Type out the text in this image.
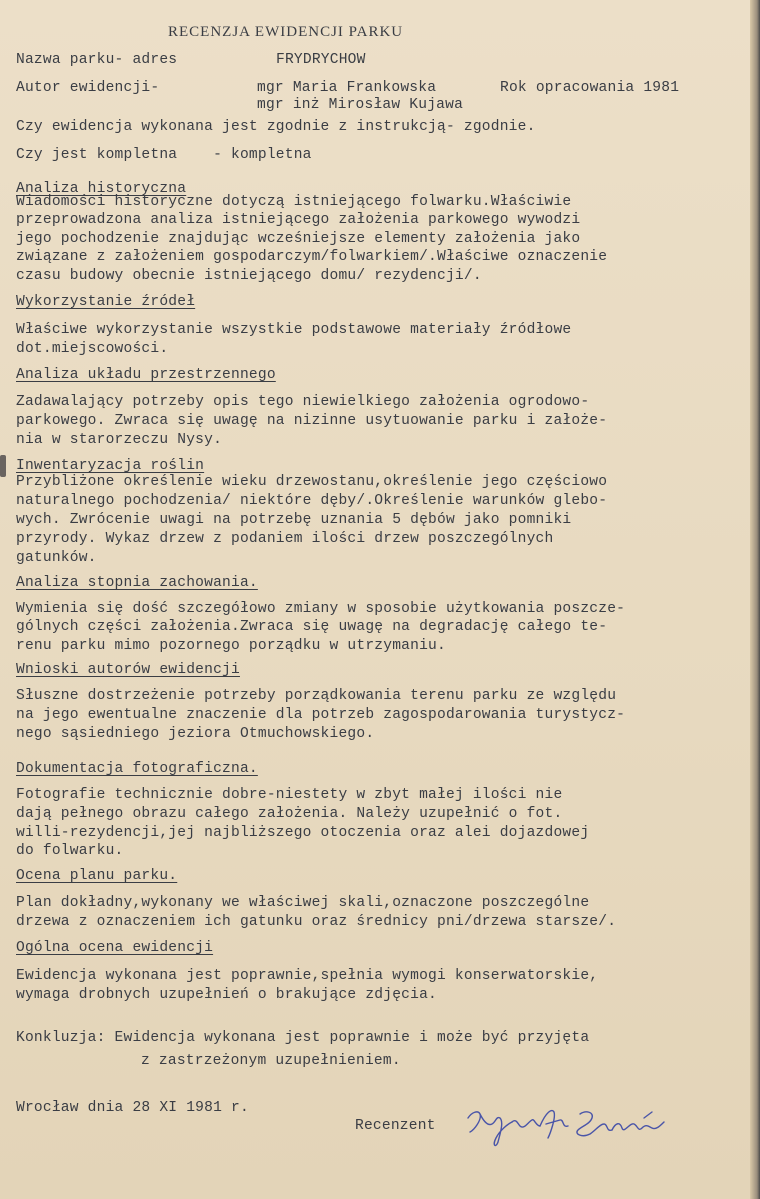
RECENZJA EWIDENCJI PARKU
Nazwa parku- adres	FRYDRYCHOW
Autor ewidencji-	mgr Maria Frankowska	Rok opracowania 1981
mgr inż Mirosław Kujawa
Czy ewidencja wykonana jest zgodnie z instrukcją- zgodnie.
Czy jest kompletna    - kompletna
Analiza historyczna
Wiadomości historyczne dotyczą istniejącego folwarku.Właściwie
przeprowadzona analiza istniejącego założenia parkowego wywodzi
jego pochodzenie znajdując wcześniejsze elementy założenia jako
związane z założeniem gospodarczym/folwarkiem/.Właściwe oznaczenie
czasu budowy obecnie istniejącego domu/ rezydencji/.
Wykorzystanie źródeł
Właściwe wykorzystanie wszystkie podstawowe materiały źródłowe
dot.miejscowości.
Analiza układu przestrzennego
Zadawalający potrzeby opis tego niewielkiego założenia ogrodowo-
parkowego. Zwraca się uwagę na nizinne usytuowanie parku i założe-
nia w starorzeczu Nysy.
Inwentaryzacja roślin
Przybliżone określenie wieku drzewostanu,określenie jego częściowo
naturalnego pochodzenia/ niektóre dęby/.Określenie warunków glebo-
wych. Zwrócenie uwagi na potrzebę uznania 5 dębów jako pomniki
przyrody. Wykaz drzew z podaniem ilości drzew poszczególnych
gatunków.
Analiza stopnia zachowania.
Wymienia się dość szczegółowo zmiany w sposobie użytkowania poszcze-
gólnych części założenia.Zwraca się uwagę na degradację całego te-
renu parku mimo pozornego porządku w utrzymaniu.
Wnioski autorów ewidencji
Słuszne dostrzeżenie potrzeby porządkowania terenu parku ze względu
na jego ewentualne znaczenie dla potrzeb zagospodarowania turystycz-
nego sąsiedniego jeziora Otmuchowskiego.
Dokumentacja fotograficzna.
Fotografie technicznie dobre-niestety w zbyt małej ilości nie
dają pełnego obrazu całego założenia. Należy uzupełnić o fot.
willi-rezydencji,jej najbliższego otoczenia oraz alei dojazdowej
do folwarku.
Ocena planu parku.
Plan dokładny,wykonany we właściwej skali,oznaczone poszczególne
drzewa z oznaczeniem ich gatunku oraz średnicy pni/drzewa starsze/.
Ogólna ocena ewidencji
Ewidencja wykonana jest poprawnie,spełnia wymogi konserwatorskie,
wymaga drobnych uzupełnień o brakujące zdjęcia.
Konkluzja: Ewidencja wykonana jest poprawnie i może być przyjęta
z zastrzeżonym uzupełnieniem.
Wrocław dnia 28 XI 1981 r.
Recenzent
